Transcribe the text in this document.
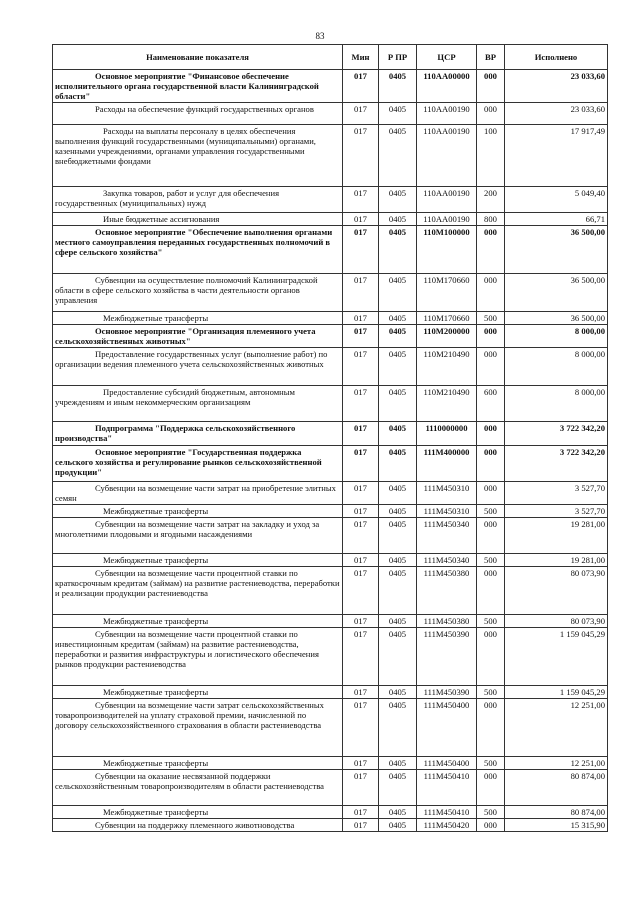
83
Наименование показателя	Мин	Р ПР	ЦСР	ВР	Исполнено

Основное мероприятие "Финансовое обеспечение исполнительного органа государственной власти Калининградской области"	017	0405	110АА00000	000	23 033,60

Расходы на обеспечение функций государственных органов	017	0405	110АА00190	000	23 033,60

Расходы на выплаты персоналу в целях обеспечения выполнения функций государственными (муниципальными) органами, казенными учреждениями, органами управления государственными внебюджетными фондами	017	0405	110АА00190	100	17 917,49

Закупка товаров, работ и услуг для обеспечения государственных (муниципальных) нужд	017	0405	110АА00190	200	5 049,40

Иные бюджетные ассигнования	017	0405	110АА00190	800	66,71

Основное мероприятие "Обеспечение выполнения органами местного самоуправления переданных государственных полномочий в сфере сельского хозяйства"	017	0405	110М100000	000	36 500,00

Субвенции на осуществление полномочий Калининградской области в сфере сельского хозяйства в части деятельности органов управления	017	0405	110М170660	000	36 500,00

Межбюджетные трансферты	017	0405	110М170660	500	36 500,00

Основное мероприятие "Организация племенного учета сельскохозяйственных животных"	017	0405	110М200000	000	8 000,00

Предоставление государственных услуг (выполнение работ) по организации ведения племенного учета сельскохозяйственных животных	017	0405	110М210490	000	8 000,00

Предоставление субсидий бюджетным, автономным учреждениям и иным некоммерческим организациям	017	0405	110М210490	600	8 000,00

Подпрограмма "Поддержка сельскохозяйственного производства"	017	0405	1110000000	000	3 722 342,20

Основное мероприятие "Государственная поддержка сельского хозяйства и регулирование рынков сельскохозяйственной продукции"	017	0405	111М400000	000	3 722 342,20

Субвенции на возмещение части затрат на приобретение элитных семян	017	0405	111М450310	000	3 527,70

Межбюджетные трансферты	017	0405	111М450310	500	3 527,70

Субвенции на возмещение части затрат на закладку и уход за многолетними плодовыми и ягодными насаждениями	017	0405	111М450340	000	19 281,00

Межбюджетные трансферты	017	0405	111М450340	500	19 281,00

Субвенции на возмещение части процентной ставки по краткосрочным кредитам (займам) на развитие растениеводства, переработки и реализации продукции растениеводства	017	0405	111М450380	000	80 073,90

Межбюджетные трансферты	017	0405	111М450380	500	80 073,90

Субвенции на возмещение части процентной ставки по инвестиционным кредитам (займам) на развитие растениеводства, переработки и развития инфраструктуры и логистического обеспечения рынков продукции растениеводства	017	0405	111М450390	000	1 159 045,29

Межбюджетные трансферты	017	0405	111М450390	500	1 159 045,29

Субвенции на возмещение части затрат сельскохозяйственных товаропроизводителей на уплату страховой премии, начисленной по договору сельскохозяйственного страхования в области растениеводства	017	0405	111М450400	000	12 251,00

Межбюджетные трансферты	017	0405	111М450400	500	12 251,00

Субвенции на оказание несвязанной поддержки сельскохозяйственным товаропроизводителям в области растениеводства	017	0405	111М450410	000	80 874,00

Межбюджетные трансферты	017	0405	111М450410	500	80 874,00

Субвенции на поддержку племенного животноводства	017	0405	111М450420	000	15 315,90
